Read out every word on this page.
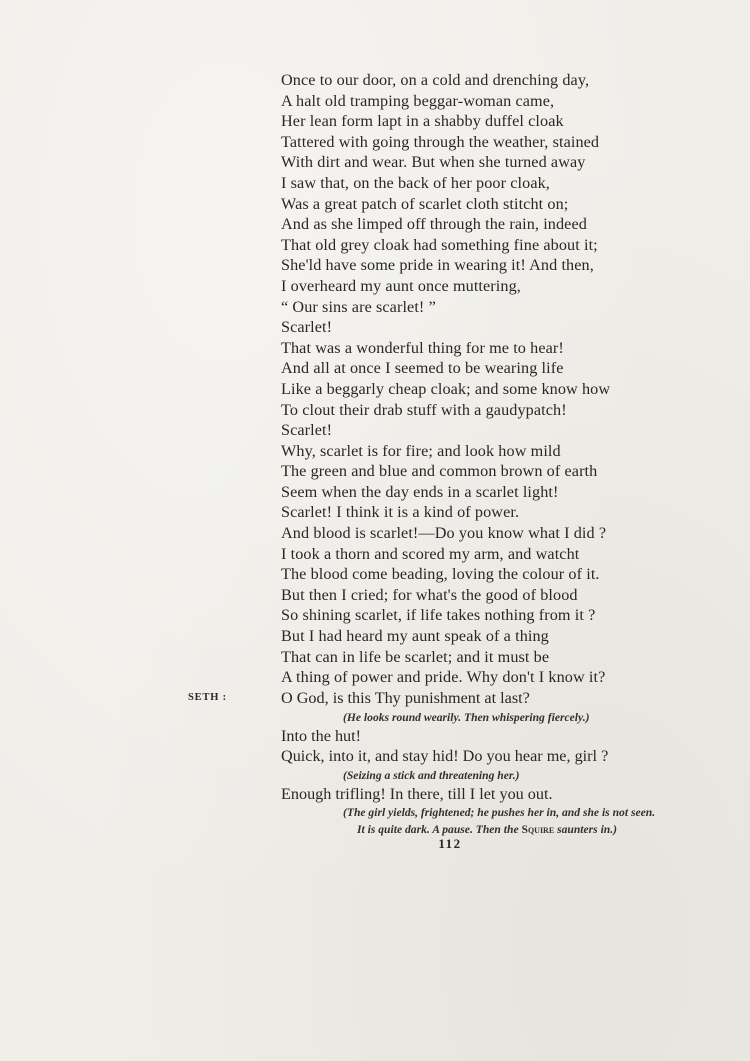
Once to our door, on a cold and drenching day,
A halt old tramping beggar-woman came,
Her lean form lapt in a shabby duffel cloak
Tattered with going through the weather, stained
With dirt and wear. But when she turned away
I saw that, on the back of her poor cloak,
Was a great patch of scarlet cloth stitcht on;
And as she limped off through the rain, indeed
That old grey cloak had something fine about it;
She'ld have some pride in wearing it! And then,
I overheard my aunt once muttering,
“ Our sins are scarlet! ”
Scarlet!
That was a wonderful thing for me to hear!
And all at once I seemed to be wearing life
Like a beggarly cheap cloak; and some know how
To clout their drab stuff with a gaudypatch!
Scarlet!
Why, scarlet is for fire; and look how mild
The green and blue and common brown of earth
Seem when the day ends in a scarlet light!
Scarlet! I think it is a kind of power.
And blood is scarlet!—Do you know what I did ?
I took a thorn and scored my arm, and watcht
The blood come beading, loving the colour of it.
But then I cried; for what's the good of blood
So shining scarlet, if life takes nothing from it ?
But I had heard my aunt speak of a thing
That can in life be scarlet; and it must be
A thing of power and pride. Why don't I know it?
SETH :	O God, is this Thy punishment at last?
(He looks round wearily. Then whispering fiercely.)
Into the hut!
Quick, into it, and stay hid! Do you hear me, girl ?
(Seizing a stick and threatening her.)
Enough trifling! In there, till I let you out.
(The girl yields, frightened; he pushes her in, and she is not seen.
It is quite dark. A pause. Then the Squire saunters in.)
112
